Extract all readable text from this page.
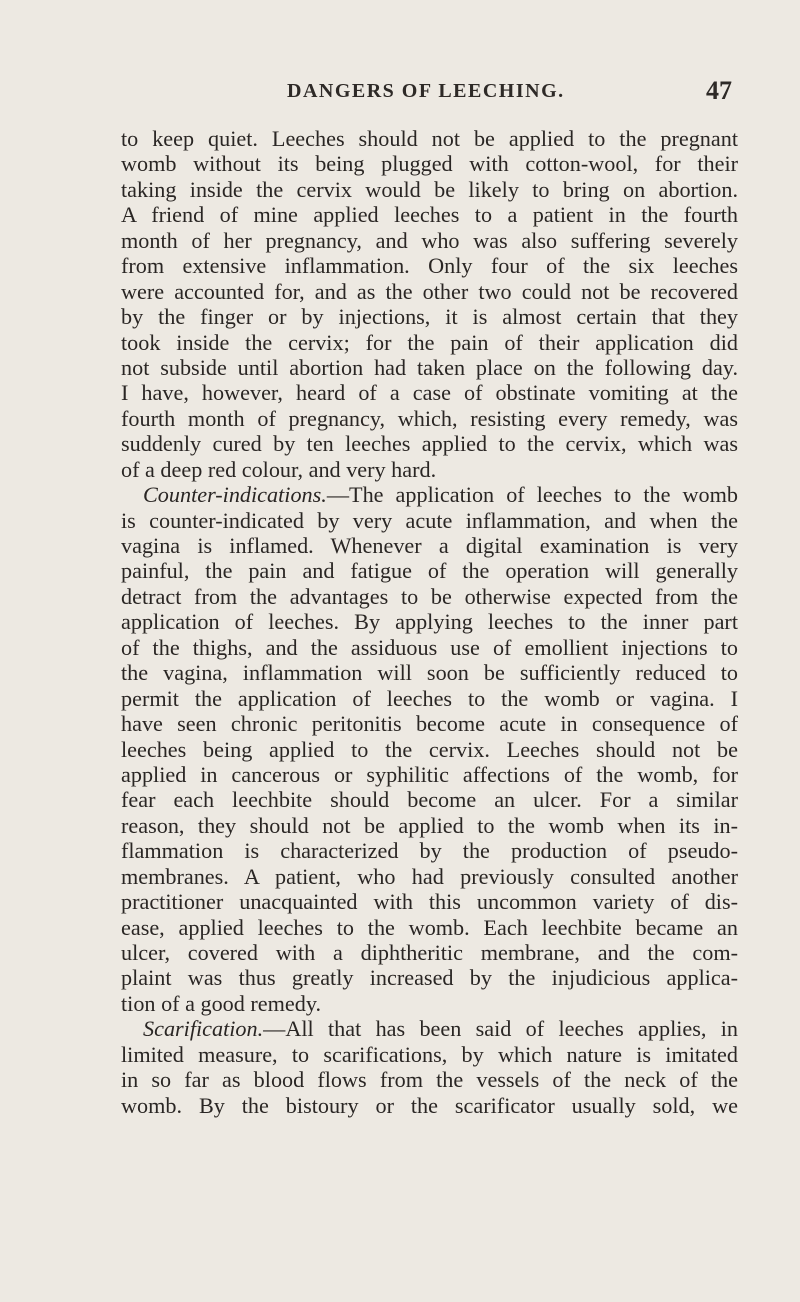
DANGERS OF LEECHING.	47
to keep quiet. Leeches should not be applied to the pregnant
womb without its being plugged with cotton-wool, for their
taking inside the cervix would be likely to bring on abortion.
A friend of mine applied leeches to a patient in the fourth
month of her pregnancy, and who was also suffering severely
from extensive inflammation. Only four of the six leeches
were accounted for, and as the other two could not be recovered
by the finger or by injections, it is almost certain that they
took inside the cervix; for the pain of their application did
not subside until abortion had taken place on the following day.
I have, however, heard of a case of obstinate vomiting at the
fourth month of pregnancy, which, resisting every remedy, was
suddenly cured by ten leeches applied to the cervix, which was
of a deep red colour, and very hard.
Counter-indications.—The application of leeches to the womb
is counter-indicated by very acute inflammation, and when the
vagina is inflamed. Whenever a digital examination is very
painful, the pain and fatigue of the operation will generally
detract from the advantages to be otherwise expected from the
application of leeches. By applying leeches to the inner part
of the thighs, and the assiduous use of emollient injections to
the vagina, inflammation will soon be sufficiently reduced to
permit the application of leeches to the womb or vagina. I
have seen chronic peritonitis become acute in consequence of
leeches being applied to the cervix. Leeches should not be
applied in cancerous or syphilitic affections of the womb, for
fear each leechbite should become an ulcer. For a similar
reason, they should not be applied to the womb when its in-
flammation is characterized by the production of pseudo-
membranes. A patient, who had previously consulted another
practitioner unacquainted with this uncommon variety of dis-
ease, applied leeches to the womb. Each leechbite became an
ulcer, covered with a diphtheritic membrane, and the com-
plaint was thus greatly increased by the injudicious applica-
tion of a good remedy.
Scarification.—All that has been said of leeches applies, in
limited measure, to scarifications, by which nature is imitated
in so far as blood flows from the vessels of the neck of the
womb. By the bistoury or the scarificator usually sold, we
